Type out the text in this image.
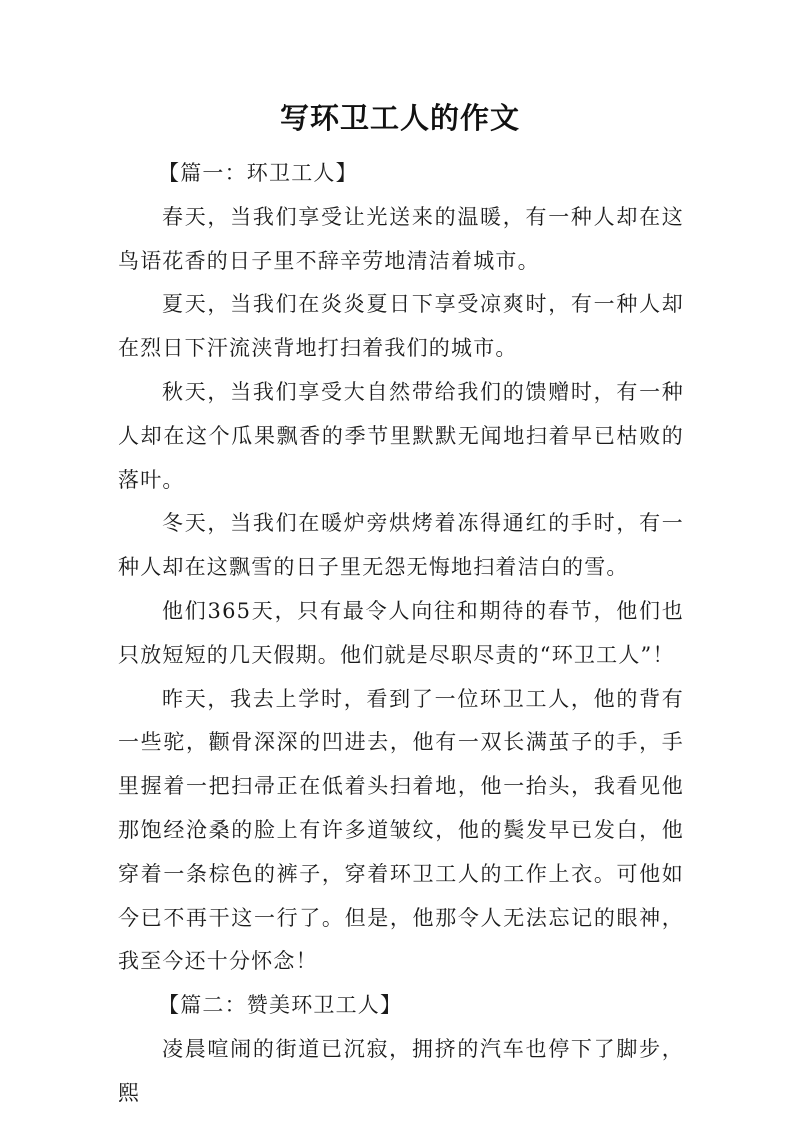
写环卫工人的作文

【篇一：环卫工人】

春天，当我们享受让光送来的温暖，有一种人却在这鸟语花香的日子里不辞辛劳地清洁着城市。

夏天，当我们在炎炎夏日下享受凉爽时，有一种人却在烈日下汗流浃背地打扫着我们的城市。

秋天，当我们享受大自然带给我们的馈赠时，有一种人却在这个瓜果飘香的季节里默默无闻地扫着早已枯败的落叶。

冬天，当我们在暖炉旁烘烤着冻得通红的手时，有一种人却在这飘雪的日子里无怨无悔地扫着洁白的雪。

他们365天，只有最令人向往和期待的春节，他们也只放短短的几天假期。他们就是尽职尽责的“环卫工人”！

昨天，我去上学时，看到了一位环卫工人，他的背有一些驼，颧骨深深的凹进去，他有一双长满茧子的手，手里握着一把扫帚正在低着头扫着地，他一抬头，我看见他那饱经沧桑的脸上有许多道皱纹，他的鬓发早已发白，他穿着一条棕色的裤子，穿着环卫工人的工作上衣。可他如今已不再干这一行了。但是，他那令人无法忘记的眼神，我至今还十分怀念！

【篇二：赞美环卫工人】

凌晨喧闹的街道已沉寂，拥挤的汽车也停下了脚步，熙
